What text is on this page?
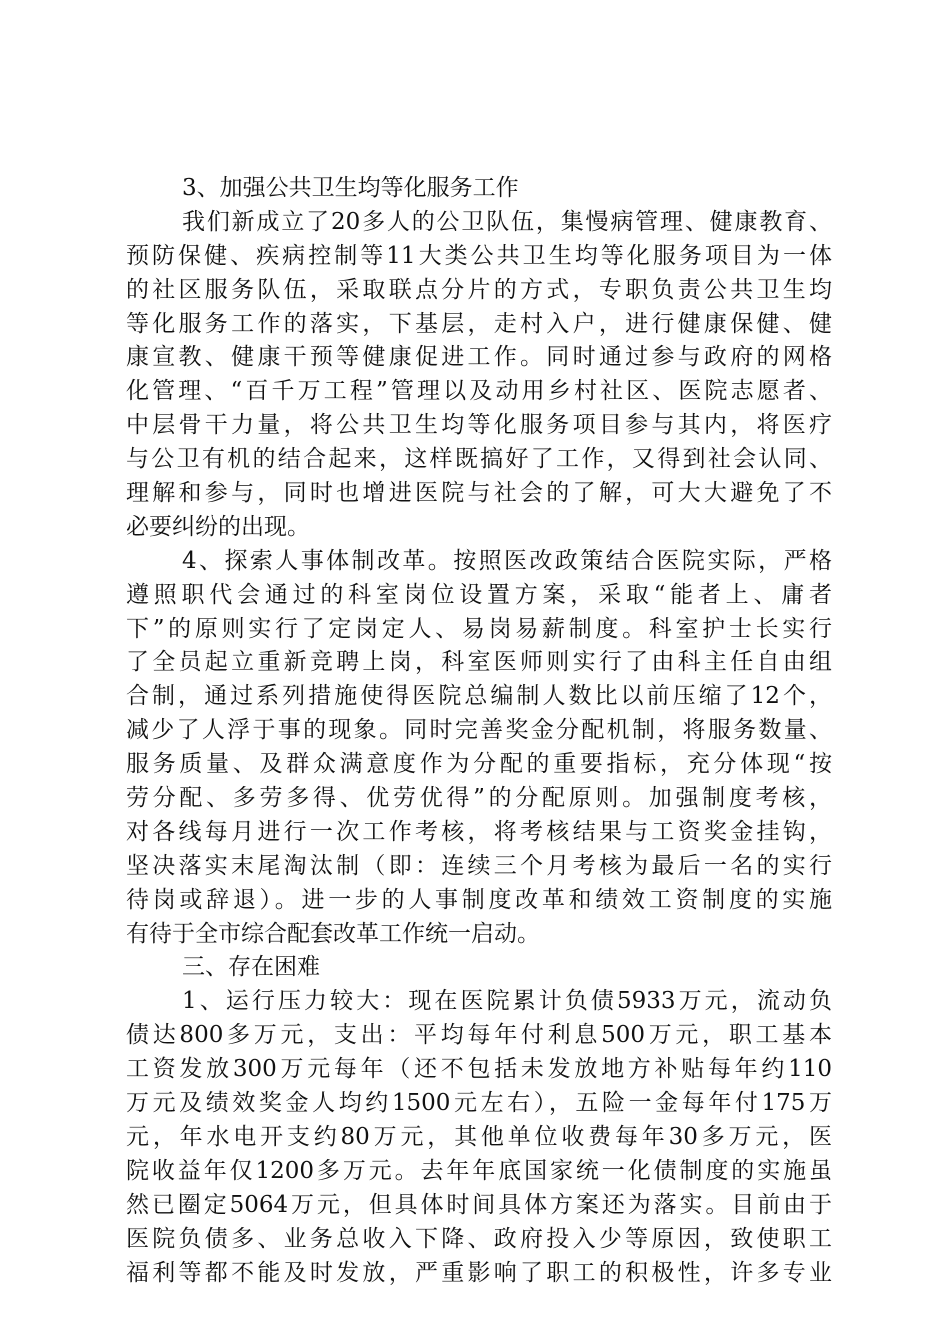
3、加强公共卫生均等化服务工作
我们新成立了20多人的公卫队伍，集慢病管理、健康教育、
预防保健、疾病控制等11大类公共卫生均等化服务项目为一体
的社区服务队伍，采取联点分片的方式，专职负责公共卫生均
等化服务工作的落实，下基层，走村入户，进行健康保健、健
康宣教、健康干预等健康促进工作。同时通过参与政府的网格
化管理、“百千万工程”管理以及动用乡村社区、医院志愿者、
中层骨干力量，将公共卫生均等化服务项目参与其内，将医疗
与公卫有机的结合起来，这样既搞好了工作，又得到社会认同、
理解和参与，同时也增进医院与社会的了解，可大大避免了不
必要纠纷的出现。
4、探索人事体制改革。按照医改政策结合医院实际，严格
遵照职代会通过的科室岗位设置方案，采取“能者上、庸者
下”的原则实行了定岗定人、易岗易薪制度。科室护士长实行
了全员起立重新竞聘上岗，科室医师则实行了由科主任自由组
合制，通过系列措施使得医院总编制人数比以前压缩了12个，
减少了人浮于事的现象。同时完善奖金分配机制，将服务数量、
服务质量、及群众满意度作为分配的重要指标，充分体现“按
劳分配、多劳多得、优劳优得”的分配原则。加强制度考核，
对各线每月进行一次工作考核，将考核结果与工资奖金挂钩，
坚决落实末尾淘汰制（即：连续三个月考核为最后一名的实行
待岗或辞退）。进一步的人事制度改革和绩效工资制度的实施
有待于全市综合配套改革工作统一启动。
三、存在困难
1、运行压力较大：现在医院累计负债5933万元，流动负
债达800多万元，支出：平均每年付利息500万元，职工基本
工资发放300万元每年（还不包括未发放地方补贴每年约110
万元及绩效奖金人均约1500元左右），五险一金每年付175万
元，年水电开支约80万元，其他单位收费每年30多万元，医
院收益年仅1200多万元。去年年底国家统一化债制度的实施虽
然已圈定5064万元，但具体时间具体方案还为落实。目前由于
医院负债多、业务总收入下降、政府投入少等原因，致使职工
福利等都不能及时发放，严重影响了职工的积极性，许多专业
